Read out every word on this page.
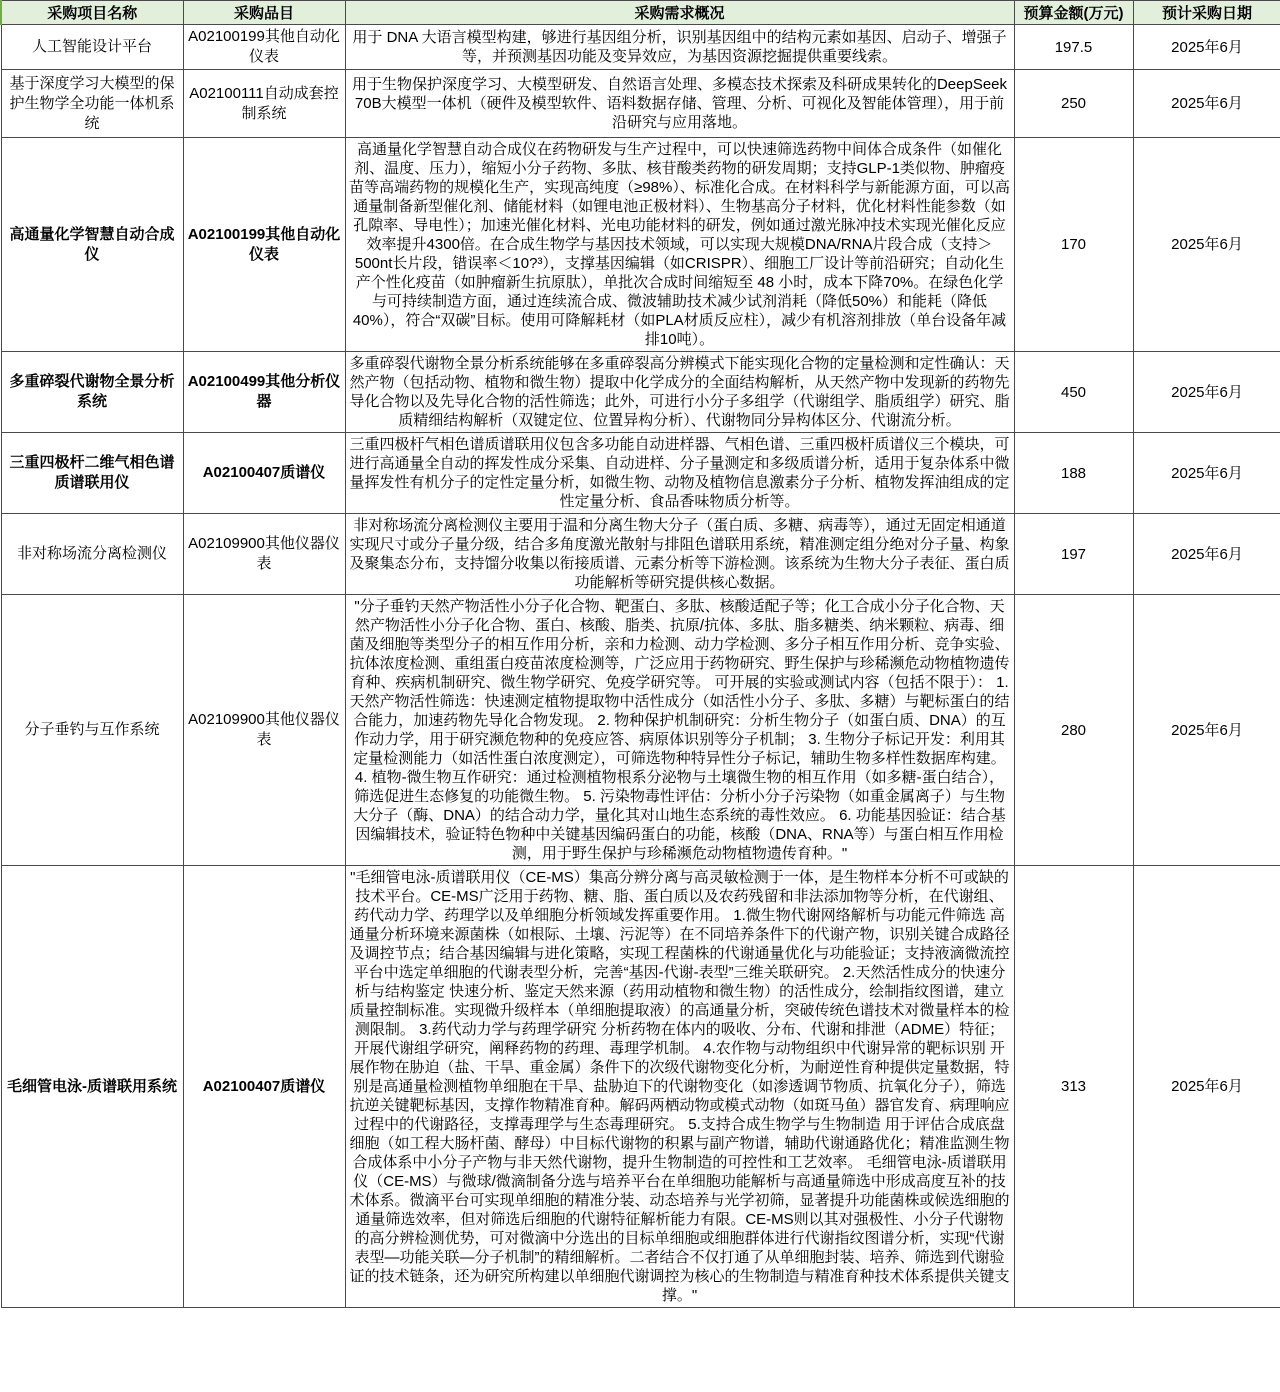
采购项目名称	采购品目	采购需求概况	预算金额(万元)	预计采购日期
人工智能设计平台	A02100199其他自动化仪表	用于 DNA 大语言模型构建，够进行基因组分析，识别基因组中的结构元素如基因、启动子、增强子等，并预测基因功能及变异效应，为基因资源挖掘提供重要线索。	197.5	2025年6月
基于深度学习大模型的保护生物学全功能一体机系统	A02100111自动成套控制系统	用于生物保护深度学习、大模型研发、自然语言处理、多模态技术探索及科研成果转化的DeepSeek 70B大模型一体机（硬件及模型软件、语料数据存储、管理、分析、可视化及智能体管理），用于前沿研究与应用落地。	250	2025年6月
高通量化学智慧自动合成仪	A02100199其他自动化仪表	高通量化学智慧自动合成仪在药物研发与生产过程中，可以快速筛选药物中间体合成条件（如催化剂、温度、压力），缩短小分子药物、多肽、核苷酸类药物的研发周期；支持GLP-1类似物、肿瘤疫苗等高端药物的规模化生产，实现高纯度（≥98%）、标准化合成。在材料科学与新能源方面，可以高通量制备新型催化剂、储能材料（如锂电池正极材料）、生物基高分子材料，优化材料性能参数（如孔隙率、导电性）；加速光催化材料、光电功能材料的研发，例如通过激光脉冲技术实现光催化反应效率提升4300倍。在合成生物学与基因技术领域，可以实现大规模DNA/RNA片段合成（支持＞500nt长片段，错误率＜10?³），支撑基因编辑（如CRISPR）、细胞工厂设计等前沿研究；自动化生产个性化疫苗（如肿瘤新生抗原肽），单批次合成时间缩短至 48 小时，成本下降70%。在绿色化学与可持续制造方面，通过连续流合成、微波辅助技术减少试剂消耗（降低50%）和能耗（降低 40%），符合“双碳”目标。使用可降解耗材（如PLA材质反应柱），减少有机溶剂排放（单台设备年减排10吨）。	170	2025年6月
多重碎裂代谢物全景分析系统	A02100499其他分析仪器	多重碎裂代谢物全景分析系统能够在多重碎裂高分辨模式下能实现化合物的定量检测和定性确认：天然产物（包括动物、植物和微生物）提取中化学成分的全面结构解析，从天然产物中发现新的药物先导化合物以及先导化合物的活性筛选；此外，可进行小分子多组学（代谢组学、脂质组学）研究、脂质精细结构解析（双键定位、位置异构分析）、代谢物同分异构体区分、代谢流分析。	450	2025年6月
三重四极杆二维气相色谱质谱联用仪	A02100407质谱仪	三重四极杆气相色谱质谱联用仪包含多功能自动进样器、气相色谱、三重四极杆质谱仪三个模块，可进行高通量全自动的挥发性成分采集、自动进样、分子量测定和多级质谱分析，适用于复杂体系中微量挥发性有机分子的定性定量分析，如微生物、动物及植物信息激素分子分析、植物发挥油组成的定性定量分析、食品香味物质分析等。	188	2025年6月
非对称场流分离检测仪	A02109900其他仪器仪表	非对称场流分离检测仪主要用于温和分离生物大分子（蛋白质、多糖、病毒等），通过无固定相通道实现尺寸或分子量分级，结合多角度激光散射与排阻色谱联用系统，精准测定组分绝对分子量、构象及聚集态分布，支持馏分收集以衔接质谱、元素分析等下游检测。该系统为生物大分子表征、蛋白质功能解析等研究提供核心数据。	197	2025年6月
分子垂钓与互作系统	A02109900其他仪器仪表	"分子垂钓天然产物活性小分子化合物、靶蛋白、多肽、核酸适配子等；化工合成小分子化合物、天然产物活性小分子化合物、蛋白、核酸、脂类、抗原/抗体、多肽、脂多糖类、纳米颗粒、病毒、细菌及细胞等类型分子的相互作用分析，亲和力检测、动力学检测、多分子相互作用分析、竞争实验、抗体浓度检测、重组蛋白疫苗浓度检测等，广泛应用于药物研究、野生保护与珍稀濒危动物植物遗传育种、疾病机制研究、微生物学研究、免疫学研究等。 可开展的实验或测试内容（包括不限于）： 1. 天然产物活性筛选：快速测定植物提取物中活性成分（如活性小分子、多肽、多糖）与靶标蛋白的结合能力，加速药物先导化合物发现。 2. 物种保护机制研究：分析生物分子（如蛋白质、DNA）的互作动力学，用于研究濒危物种的免疫应答、病原体识别等分子机制； 3. 生物分子标记开发：利用其定量检测能力（如活性蛋白浓度测定），可筛选物种特异性分子标记，辅助生物多样性数据库构建。 4. 植物-微生物互作研究：通过检测植物根系分泌物与土壤微生物的相互作用（如多糖-蛋白结合），筛选促进生态修复的功能微生物。 5. 污染物毒性评估：分析小分子污染物（如重金属离子）与生物大分子（酶、DNA）的结合动力学，量化其对山地生态系统的毒性效应。 6. 功能基因验证：结合基因编辑技术，验证特色物种中关键基因编码蛋白的功能，核酸（DNA、RNA等）与蛋白相互作用检测，用于野生保护与珍稀濒危动物植物遗传育种。"	280	2025年6月
毛细管电泳-质谱联用系统	A02100407质谱仪	"毛细管电泳-质谱联用仪（CE-MS）集高分辨分离与高灵敏检测于一体，是生物样本分析不可或缺的技术平台。CE-MS广泛用于药物、糖、脂、蛋白质以及农药残留和非法添加物等分析，在代谢组、药代动力学、药理学以及单细胞分析领域发挥重要作用。 1.微生物代谢网络解析与功能元件筛选 高通量分析环境来源菌株（如根际、土壤、污泥等）在不同培养条件下的代谢产物，识别关键合成路径及调控节点；结合基因编辑与进化策略，实现工程菌株的代谢通量优化与功能验证；支持液滴微流控平台中选定单细胞的代谢表型分析，完善“基因-代谢-表型”三维关联研究。 2.天然活性成分的快速分析与结构鉴定 快速分析、鉴定天然来源（药用动植物和微生物）的活性成分，绘制指纹图谱，建立质量控制标准。实现微升级样本（单细胞提取液）的高通量分析，突破传统色谱技术对微量样本的检测限制。 3.药代动力学与药理学研究 分析药物在体内的吸收、分布、代谢和排泄（ADME）特征；开展代谢组学研究，阐释药物的药理、毒理学机制。 4.农作物与动物组织中代谢异常的靶标识别 开展作物在胁迫（盐、干旱、重金属）条件下的次级代谢物变化分析，为耐逆性育种提供定量数据，特别是高通量检测植物单细胞在干旱、盐胁迫下的代谢物变化（如渗透调节物质、抗氧化分子），筛选抗逆关键靶标基因，支撑作物精准育种。解码两栖动物或模式动物（如斑马鱼）器官发育、病理响应过程中的代谢路径，支撑毒理学与生态毒理研究。 5.支持合成生物学与生物制造 用于评估合成底盘细胞（如工程大肠杆菌、酵母）中目标代谢物的积累与副产物谱，辅助代谢通路优化；精准监测生物合成体系中小分子产物与非天然代谢物，提升生物制造的可控性和工艺效率。 毛细管电泳-质谱联用仪（CE-MS）与微球/微滴制备分选与培养平台在单细胞功能解析与高通量筛选中形成高度互补的技术体系。微滴平台可实现单细胞的精准分装、动态培养与光学初筛，显著提升功能菌株或候选细胞的通量筛选效率，但对筛选后细胞的代谢特征解析能力有限。CE-MS则以其对强极性、小分子代谢物的高分辨检测优势，可对微滴中分选出的目标单细胞或细胞群体进行代谢指纹图谱分析，实现“代谢表型—功能关联—分子机制”的精细解析。二者结合不仅打通了从单细胞封装、培养、筛选到代谢验证的技术链条，还为研究所构建以单细胞代谢调控为核心的生物制造与精准育种技术体系提供关键支撑。"	313	2025年6月
